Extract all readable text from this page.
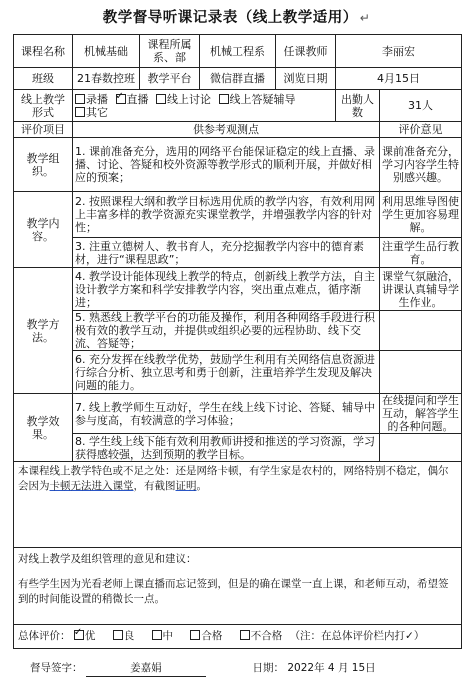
教学督导听课记录表（线上教学适用） ↵
课程名称	机械基础	课程所属系、部	机械工程系	任课教师	李丽宏	
班级	21春数控班	教学平台	微信群直播	浏览日期	4月15日	
线上教学形式	录播 ✓ 直播 线上讨论 线上答疑辅导 其它				出勤人数	31人
评价项目	供参考观测点					评价意见
教学组织。	1. 课前准备充分，选用的网络平台能保证稳定的线上直播、录播、讨论、答疑和校外资源等教学形式的顺利开展，并做好相应的预案；					课前准备充分，学习内容学生特别感兴趣。
教学内容。	2. 按照课程大纲和教学目标选用优质的教学内容，有效利用网上丰富多样的教学资源充实课堂教学，并增强教学内容的针对性；					利用思维导图使学生更加容易理解。
	3. 注重立德树人、教书育人，充分挖掘教学内容中的德育素材，进行“课程思政”；					注重学生品行教育。
教学方法。	4. 教学设计能体现线上教学的特点，创新线上教学方法，自主设计教学方案和科学安排教学内容，突出重点难点，循序渐进；					课堂气氛融洽，讲课认真辅导学生作业。
	5. 熟悉线上教学平台的功能及操作，利用各种网络手段进行积极有效的教学互动，并提供或组织必要的远程协助、线下交流、答疑等；					
	6. 充分发挥在线教学优势，鼓励学生利用有关网络信息资源进行综合分析、独立思考和勇于创新，注重培养学生发现及解决问题的能力。					
教学效果。	7. 线上教学师生互动好，学生在线上线下讨论、答疑、辅导中参与度高，有较满意的学习体验；					在线提问和学生互动，解答学生的各种问题。
	8. 学生线上线下能有效利用教师讲授和推送的学习资源，学习获得感较强，达到预期的教学目标。					
本课程线上教学特色或不足之处：还是网络卡顿，有学生家是农村的，网络特别不稳定，偶尔会因为卡顿无法进入课堂，有截图证明。						

对线上教学及组织管理的意见和建议：
有些学生因为光看老师上课直播而忘记签到，但是的确在课堂一直上课，和老师互动，希望签到的时间能设置的稍微长一点。						

总体评价： ✓ 优 良 中 合格 不合格 （注：在总体评价栏内打✓）
督导签字：	姜嘉娟	日期： 2022年 4 月 15日
